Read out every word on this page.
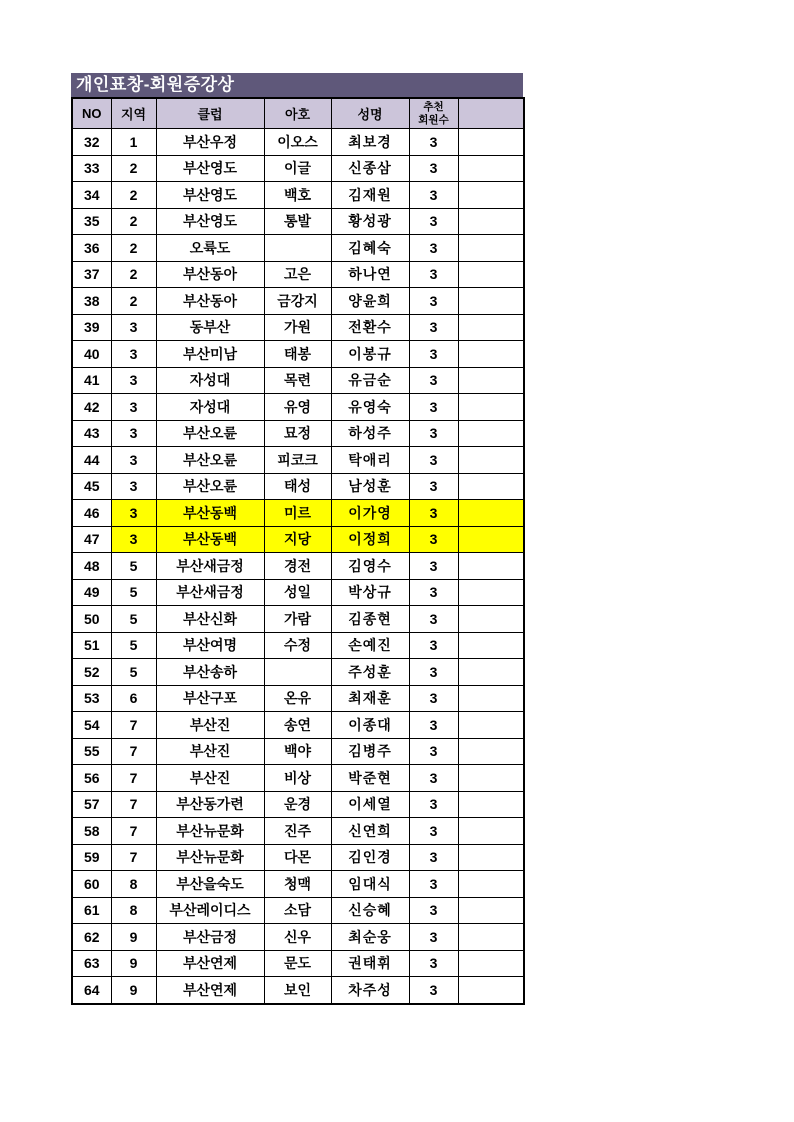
개인표창-회원증강상
NO	지역	클럽	아호	성명	추천
회원수	

32	1	부산우정	이오스	최보경	3	
33	2	부산영도	이글	신종삼	3	
34	2	부산영도	백호	김재원	3	
35	2	부산영도	통발	황성광	3	
36	2	오륙도		김혜숙	3	
37	2	부산동아	고은	하나연	3	
38	2	부산동아	금강지	양윤희	3	
39	3	동부산	가원	전환수	3	
40	3	부산미남	태봉	이봉규	3	
41	3	자성대	목련	유금순	3	
42	3	자성대	유영	유영숙	3	
43	3	부산오륜	묘정	하성주	3	
44	3	부산오륜	피코크	탁애리	3	
45	3	부산오륜	태성	남성훈	3	
46	3	부산동백	미르	이가영	3	
47	3	부산동백	지당	이정희	3	
48	5	부산새금정	경전	김영수	3	
49	5	부산새금정	성일	박상규	3	
50	5	부산신화	가람	김종현	3	
51	5	부산여명	수정	손예진	3	
52	5	부산송하		주성훈	3	
53	6	부산구포	온유	최재훈	3	
54	7	부산진	송연	이종대	3	
55	7	부산진	백야	김병주	3	
56	7	부산진	비상	박준현	3	
57	7	부산동가련	운경	이세열	3	
58	7	부산뉴문화	진주	신연희	3	
59	7	부산뉴문화	다몬	김인경	3	
60	8	부산을숙도	청맥	임대식	3	
61	8	부산레이디스	소담	신승혜	3	
62	9	부산금정	신우	최순웅	3	
63	9	부산연제	문도	권태휘	3	
64	9	부산연제	보인	차주성	3	
